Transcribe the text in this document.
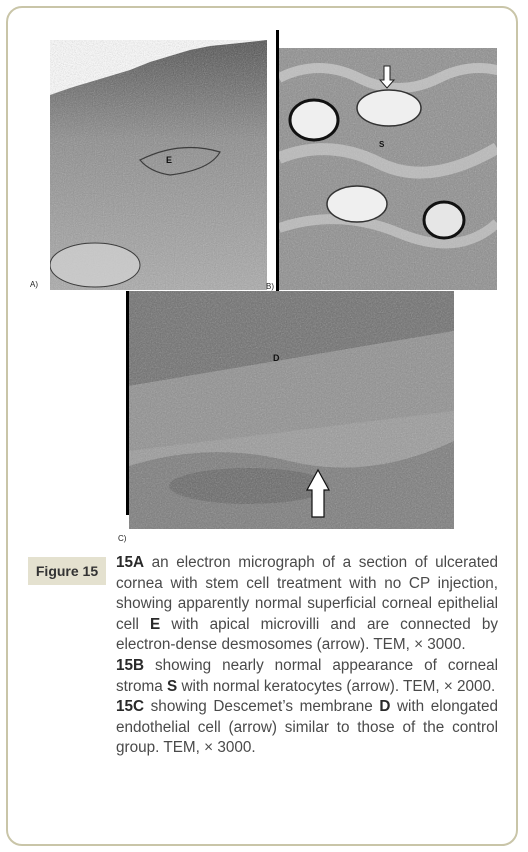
E
A)
S
B)
D
C)
Figure 15	15A an electron micrograph of a section of ulcerated cornea with stem cell treatment with no CP injection, showing apparently normal superficial corneal epithelial cell E with apical microvilli and are connected by electron-dense desmosomes (arrow). TEM, × 3000.

15B showing nearly normal appearance of corneal stroma S with normal keratocytes (arrow). TEM, × 2000.

15C showing Descemet’s membrane D with elongated endothelial cell (arrow) similar to those of the control group. TEM, × 3000.
